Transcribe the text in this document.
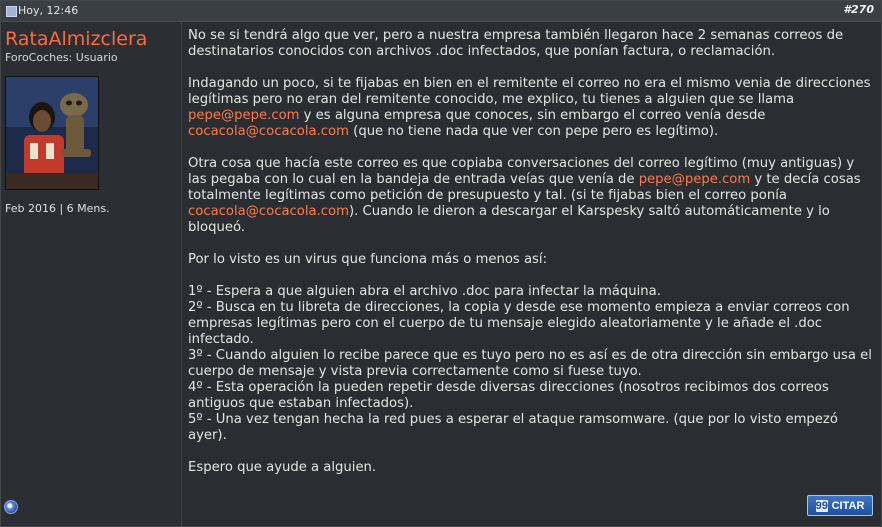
Hoy, 12:46	#270
RataAlmizclera
ForoCoches: Usuario
Feb 2016 | 6 Mens.

No se si tendrá algo que ver, pero a nuestra empresa también llegaron hace 2 semanas correos de destinatarios conocidos con archivos .doc infectados, que ponían factura, o reclamación.

Indagando un poco, si te fijabas en bien en el remitente el correo no era el mismo venia de direcciones legítimas pero no eran del remitente conocido, me explico, tu tienes a alguien que se llama pepe@pepe.com y es alguna empresa que conoces, sin embargo el correo venía desde cocacola@cocacola.com (que no tiene nada que ver con pepe pero es legítimo).

Otra cosa que hacía este correo es que copiaba conversaciones del correo legítimo (muy antiguas) y las pegaba con lo cual en la bandeja de entrada veías que venía de pepe@pepe.com y te decía cosas totalmente legítimas como petición de presupuesto y tal. (si te fijabas bien el correo ponía cocacola@cocacola.com). Cuando le dieron a descargar el Karspesky saltó automáticamente y lo bloqueó.

Por lo visto es un virus que funciona más o menos así:

1º - Espera a que alguien abra el archivo .doc para infectar la máquina.
2º - Busca en tu libreta de direcciones, la copia y desde ese momento empieza a enviar correos con empresas legítimas pero con el cuerpo de tu mensaje elegido aleatoriamente y le añade el .doc infectado.
3º - Cuando alguien lo recibe parece que es tuyo pero no es así es de otra dirección sin embargo usa el cuerpo de mensaje y vista previa correctamente como si fuese tuyo.
4º - Esta operación la pueden repetir desde diversas direcciones (nosotros recibimos dos correos antiguos que estaban infectados).
5º - Una vez tengan hecha la red pues a esperar el ataque ramsomware. (que por lo visto empezó ayer).

Espero que ayude a alguien.

99 CITAR
